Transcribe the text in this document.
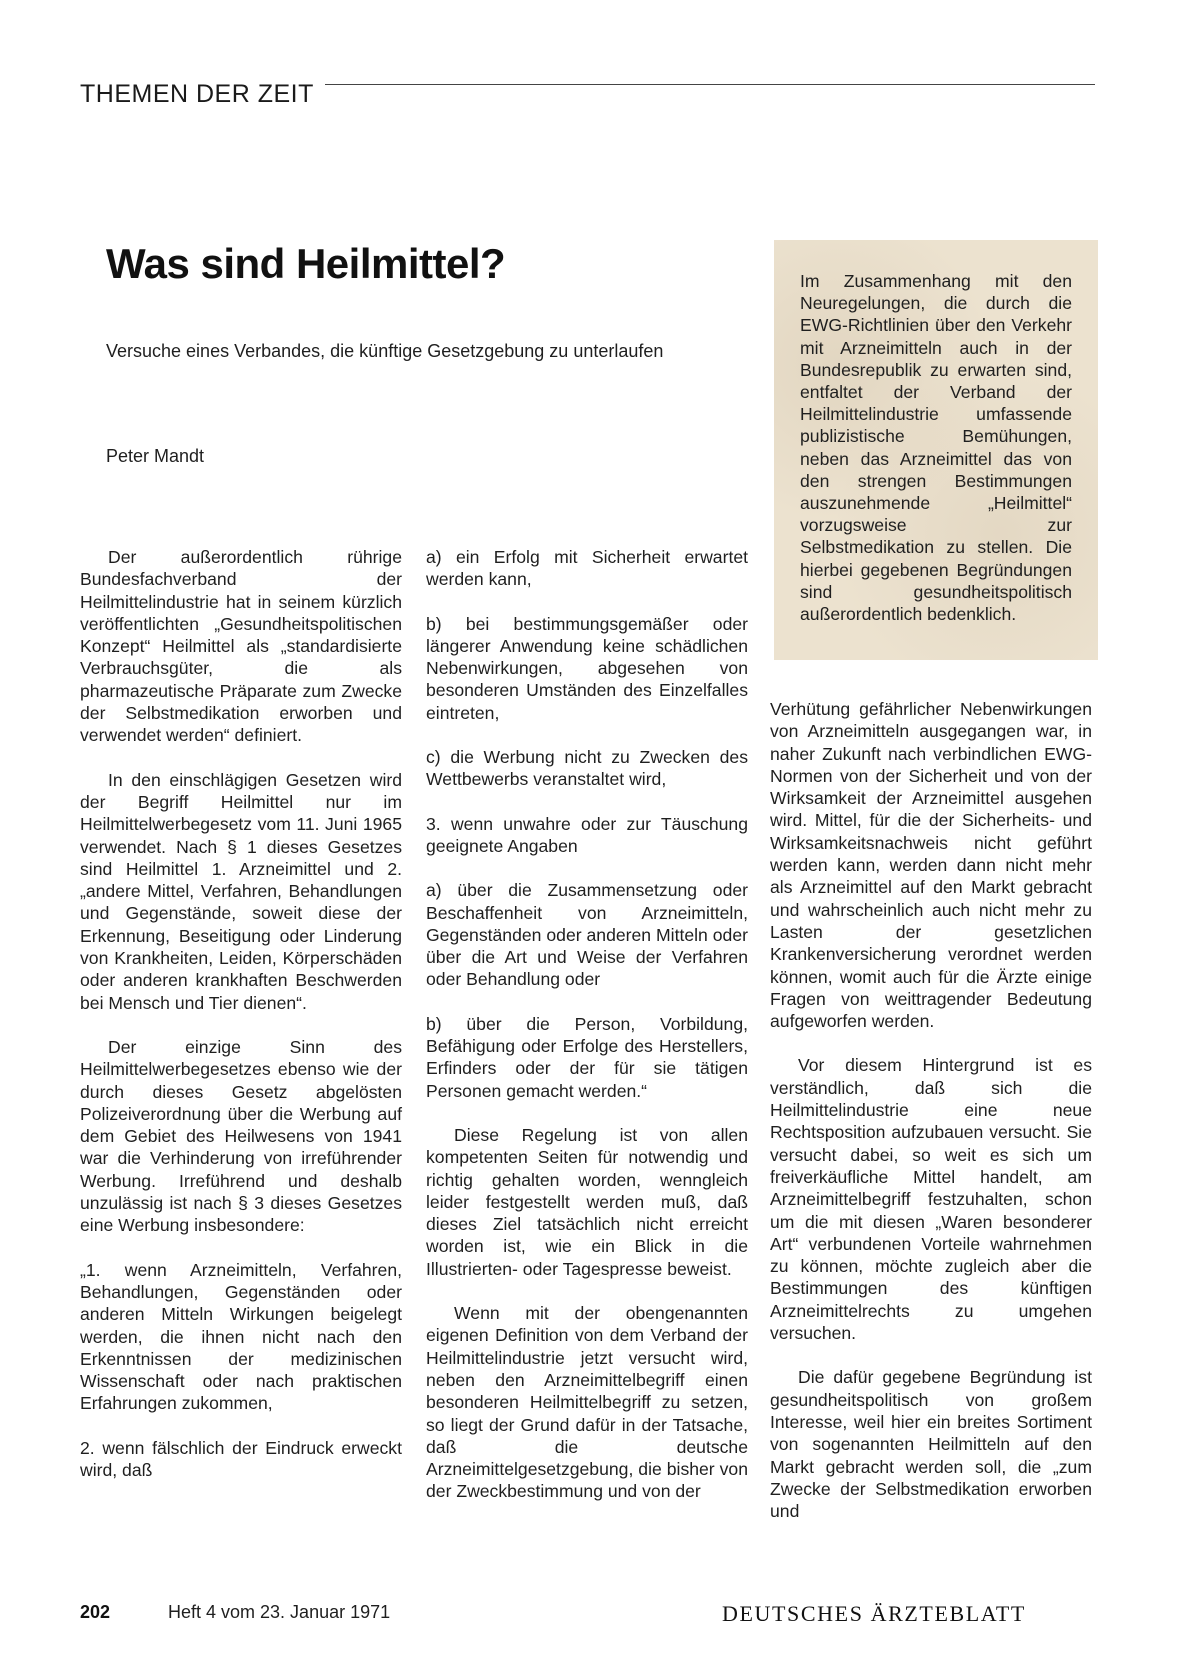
THEMEN DER ZEIT
Was sind Heilmittel?
Versuche eines Verbandes, die künftige Gesetzgebung zu unterlaufen
Peter Mandt
Im Zusammenhang mit den Neuregelungen, die durch die EWG-Richtlinien über den Verkehr mit Arzneimitteln auch in der Bundesrepublik zu erwarten sind, entfaltet der Verband der Heilmittelindustrie umfassende publizistische Bemühungen, neben das Arzneimittel das von den strengen Bestimmungen auszunehmende „Heilmittel“ vorzugsweise zur Selbstmedikation zu stellen. Die hierbei gegebenen Begründungen sind gesundheitspolitisch außerordentlich bedenklich.

Der außerordentlich rührige Bundesfachverband der Heilmittelindustrie hat in seinem kürzlich veröffentlichten „Gesundheitspolitischen Konzept“ Heilmittel als „standardisierte Verbrauchsgüter, die als pharmazeutische Präparate zum Zwecke der Selbstmedikation erworben und verwendet werden“ definiert.

In den einschlägigen Gesetzen wird der Begriff Heilmittel nur im Heilmittelwerbegesetz vom 11. Juni 1965 verwendet. Nach § 1 dieses Gesetzes sind Heilmittel 1. Arzneimittel und 2. „andere Mittel, Verfahren, Behandlungen und Gegenstände, soweit diese der Erkennung, Beseitigung oder Linderung von Krankheiten, Leiden, Körperschäden oder anderen krankhaften Beschwerden bei Mensch und Tier dienen“.

Der einzige Sinn des Heilmittelwerbegesetzes ebenso wie der durch dieses Gesetz abgelösten Polizeiverordnung über die Werbung auf dem Gebiet des Heilwesens von 1941 war die Verhinderung von irreführender Werbung. Irreführend und deshalb unzulässig ist nach § 3 dieses Gesetzes eine Werbung insbesondere:

„1. wenn Arzneimitteln, Verfahren, Behandlungen, Gegenständen oder anderen Mitteln Wirkungen beigelegt werden, die ihnen nicht nach den Erkenntnissen der medizinischen Wissenschaft oder nach praktischen Erfahrungen zukommen,

2. wenn fälschlich der Eindruck erweckt wird, daß

a) ein Erfolg mit Sicherheit erwartet werden kann,

b) bei bestimmungsgemäßer oder längerer Anwendung keine schädlichen Nebenwirkungen, abgesehen von besonderen Umständen des Einzelfalles eintreten,

c) die Werbung nicht zu Zwecken des Wettbewerbs veranstaltet wird,

3. wenn unwahre oder zur Täuschung geeignete Angaben

a) über die Zusammensetzung oder Beschaffenheit von Arzneimitteln, Gegenständen oder anderen Mitteln oder über die Art und Weise der Verfahren oder Behandlung oder

b) über die Person, Vorbildung, Befähigung oder Erfolge des Herstellers, Erfinders oder der für sie tätigen Personen gemacht werden.“

Diese Regelung ist von allen kompetenten Seiten für notwendig und richtig gehalten worden, wenngleich leider festgestellt werden muß, daß dieses Ziel tatsächlich nicht erreicht worden ist, wie ein Blick in die Illustrierten- oder Tagespresse beweist.

Wenn mit der obengenannten eigenen Definition von dem Verband der Heilmittelindustrie jetzt versucht wird, neben den Arzneimittelbegriff einen besonderen Heilmittelbegriff zu setzen, so liegt der Grund dafür in der Tatsache, daß die deutsche Arzneimittelgesetzgebung, die bisher von der Zweckbestimmung und von der

Verhütung gefährlicher Nebenwirkungen von Arzneimitteln ausgegangen war, in naher Zukunft nach verbindlichen EWG-Normen von der Sicherheit und von der Wirksamkeit der Arzneimittel ausgehen wird. Mittel, für die der Sicherheits- und Wirksamkeitsnachweis nicht geführt werden kann, werden dann nicht mehr als Arzneimittel auf den Markt gebracht und wahrscheinlich auch nicht mehr zu Lasten der gesetzlichen Krankenversicherung verordnet werden können, womit auch für die Ärzte einige Fragen von weittragender Bedeutung aufgeworfen werden.

Vor diesem Hintergrund ist es verständlich, daß sich die Heilmittelindustrie eine neue Rechtsposition aufzubauen versucht. Sie versucht dabei, so weit es sich um freiverkäufliche Mittel handelt, am Arzneimittelbegriff festzuhalten, schon um die mit diesen „Waren besonderer Art“ verbundenen Vorteile wahrnehmen zu können, möchte zugleich aber die Bestimmungen des künftigen Arzneimittelrechts zu umgehen versuchen.

Die dafür gegebene Begründung ist gesundheitspolitisch von großem Interesse, weil hier ein breites Sortiment von sogenannten Heilmitteln auf den Markt gebracht werden soll, die „zum Zwecke der Selbstmedikation erworben und

202	Heft 4 vom 23. Januar 1971	DEUTSCHES ÄRZTEBLATT
